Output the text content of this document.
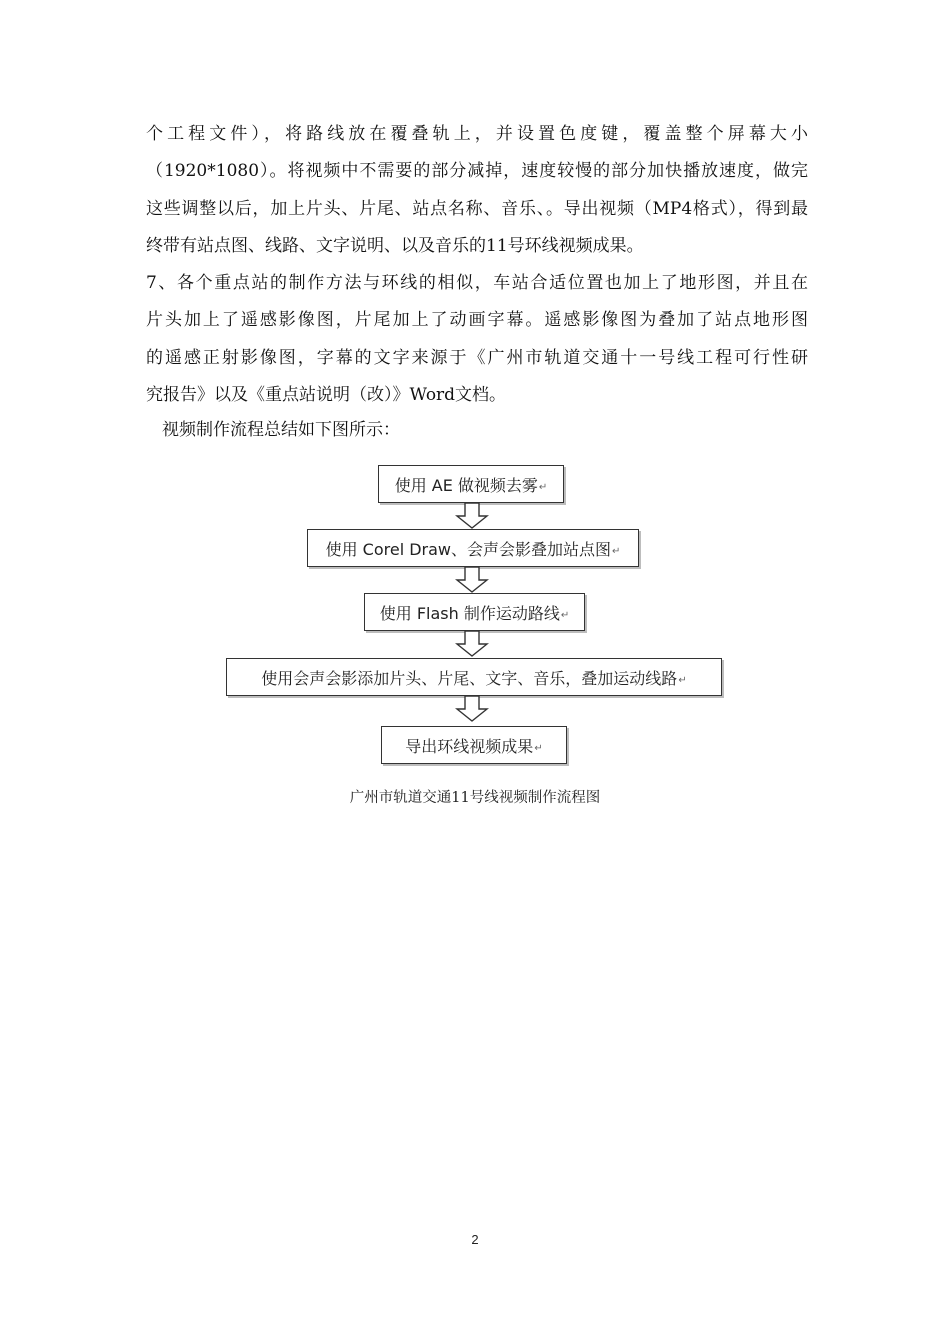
个工程文件），将路线放在覆叠轨上，并设置色度键，覆盖整个屏幕大小
（1920*1080）。将视频中不需要的部分减掉，速度较慢的部分加快播放速度，做完
这些调整以后，加上片头、片尾、站点名称、音乐、。导出视频（MP4格式），得到最
终带有站点图、线路、文字说明、以及音乐的11号环线视频成果。
7、各个重点站的制作方法与环线的相似，车站合适位置也加上了地形图，并且在
片头加上了遥感影像图，片尾加上了动画字幕。遥感影像图为叠加了站点地形图
的遥感正射影像图，字幕的文字来源于《广州市轨道交通十一号线工程可行性研
究报告》以及《重点站说明（改）》Word文档。
视频制作流程总结如下图所示：
使用 AE 做视频去雾 ↵
使用 Corel Draw、会声会影叠加站点图 ↵
使用 Flash 制作运动路线 ↵
使用会声会影添加片头、片尾、文字、音乐，叠加运动线路 ↵
导出环线视频成果 ↵
广州市轨道交通11号线视频制作流程图
2
